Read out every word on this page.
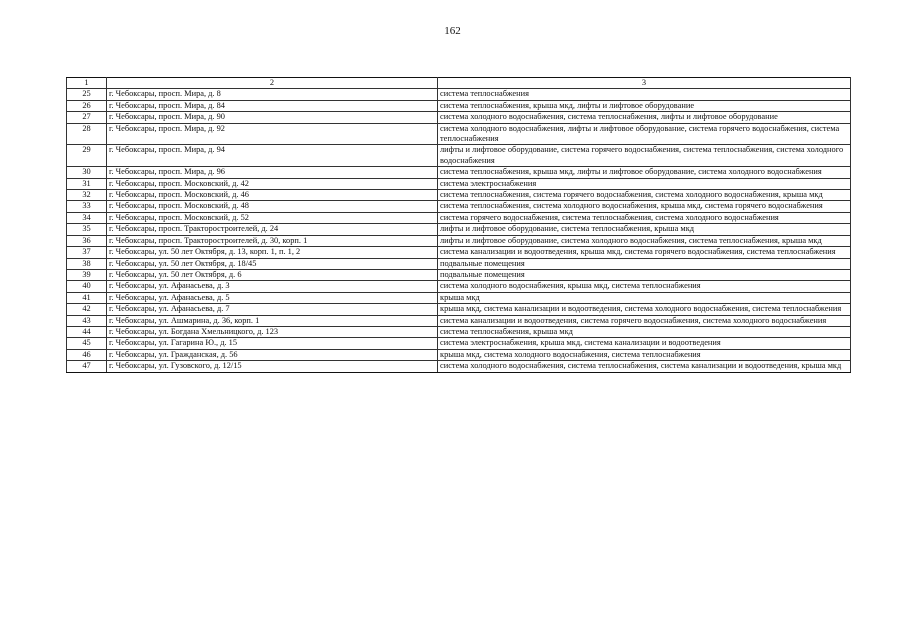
162
1	2	3
25	г. Чебоксары, просп. Мира, д. 8	система теплоснабжения
26	г. Чебоксары, просп. Мира, д. 84	система теплоснабжения, крыша мкд, лифты и лифтовое оборудование
27	г. Чебоксары, просп. Мира, д. 90	система холодного водоснабжения, система теплоснабжения, лифты и лифтовое оборудование
28	г. Чебоксары, просп. Мира, д. 92	система холодного водоснабжения, лифты и лифтовое оборудование, система горячего водоснабжения, система теплоснабжения
29	г. Чебоксары, просп. Мира, д. 94	лифты и лифтовое оборудование, система горячего водоснабжения, система теплоснабжения, система холодного водоснабжения
30	г. Чебоксары, просп. Мира, д. 96	система теплоснабжения, крыша мкд, лифты и лифтовое оборудование, система холодного водоснабжения
31	г. Чебоксары, просп. Московский, д. 42	система электроснабжения
32	г. Чебоксары, просп. Московский, д. 46	система теплоснабжения, система горячего водоснабжения, система холодного водоснабжения, крыша мкд
33	г. Чебоксары, просп. Московский, д. 48	система теплоснабжения, система холодного водоснабжения, крыша мкд, система горячего водоснабжения
34	г. Чебоксары, просп. Московский, д. 52	система горячего водоснабжения, система теплоснабжения, система холодного водоснабжения
35	г. Чебоксары, просп. Тракторостроителей, д. 24	лифты и лифтовое оборудование, система теплоснабжения, крыша мкд
36	г. Чебоксары, просп. Тракторостроителей, д. 30, корп. 1	лифты и лифтовое оборудование, система холодного водоснабжения, система теплоснабжения, крыша мкд
37	г. Чебоксары, ул. 50 лет Октября, д. 13, корп. 1, п. 1, 2	система канализации и водоотведения, крыша мкд, система горячего водоснабжения, система теплоснабжения
38	г. Чебоксары, ул. 50 лет Октября, д. 18/45	подвальные помещения
39	г. Чебоксары, ул. 50 лет Октября, д. 6	подвальные помещения
40	г. Чебоксары, ул. Афанасьева, д. 3	система холодного водоснабжения, крыша мкд, система теплоснабжения
41	г. Чебоксары, ул. Афанасьева, д. 5	крыша мкд
42	г. Чебоксары, ул. Афанасьева, д. 7	крыша мкд, система канализации и водоотведения, система холодного водоснабжения, система теплоснабжения
43	г. Чебоксары, ул. Ашмарина, д. 36, корп. 1	система канализации и водоотведения, система горячего водоснабжения, система холодного водоснабжения
44	г. Чебоксары, ул. Богдана Хмельницкого, д. 123	система теплоснабжения, крыша мкд
45	г. Чебоксары, ул. Гагарина Ю., д. 15	система электроснабжения, крыша мкд, система канализации и водоотведения
46	г. Чебоксары, ул. Гражданская, д. 56	крыша мкд, система холодного водоснабжения, система теплоснабжения
47	г. Чебоксары, ул. Гузовского, д. 12/15	система холодного водоснабжения, система теплоснабжения, система канализации и водоотведения, крыша мкд
